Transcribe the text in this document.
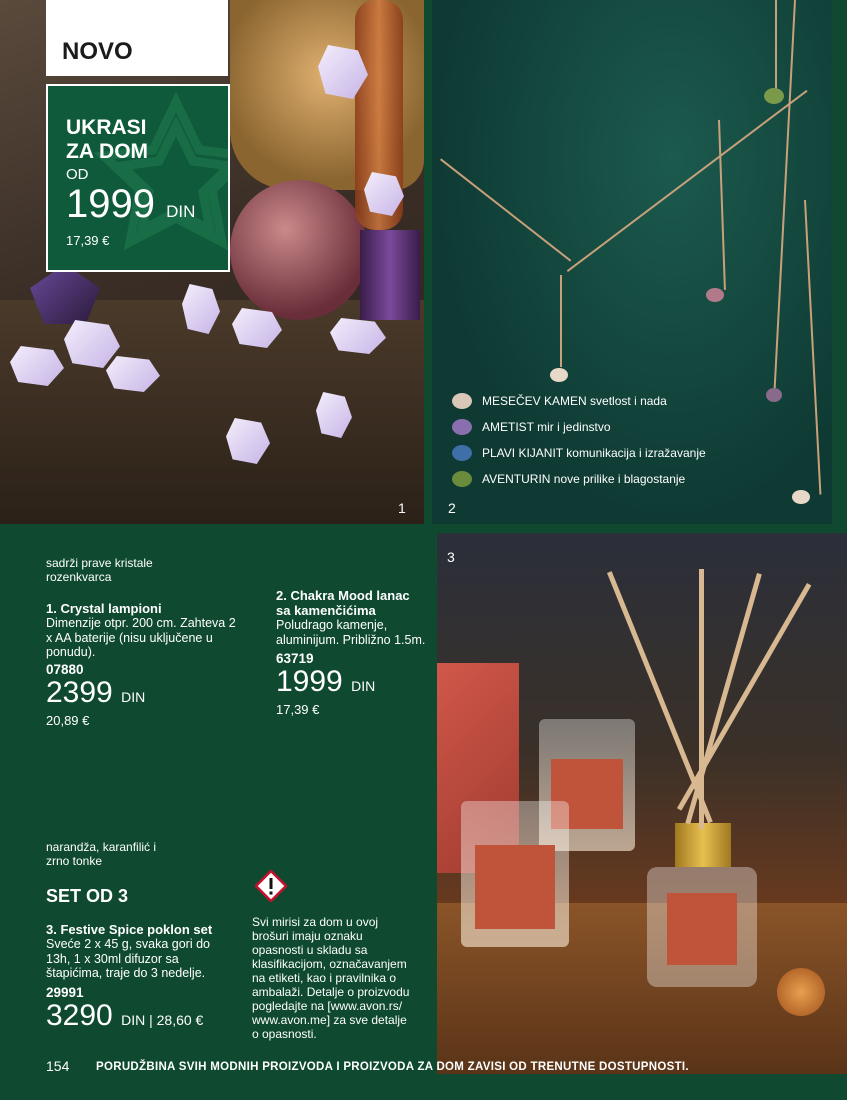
1
NOVO
UKRASI
ZA DOM
OD
1999 DIN
17,39 €
MESEČEV KAMEN svetlost i nada
AMETIST mir i jedinstvo
PLAVI KIJANIT komunikacija i izražavanje
AVENTURIN nove prilike i blagostanje
2
3
sadrži prave kristale rozenkvarca
1. Crystal lampioni
Dimenzije otpr. 200 cm. Zahteva 2 x AA baterije (nisu uključene u ponudu).
07880
2399 DIN
20,89 €
2. Chakra Mood lanac sa kamenčićima
Poludrago kamenje, aluminijum. Približno 1.5m.
63719
1999 DIN
17,39 €
narandža, karanfilić i zrno tonke
SET OD 3
3. Festive Spice poklon set
Sveće 2 x 45 g, svaka gori do 13h, 1 x 30ml difuzor sa štapićima, traje do 3 nedelje.
29991
3290 DIN | 28,60 €
Svi mirisi za dom u ovoj brošuri imaju oznaku opasnosti u skladu sa klasifikacijom, označavanjem na etiketi, kao i pravilnika o ambalaži. Detalje o proizvodu pogledajte na [www.avon.rs/ www.avon.me] za sve detalje o opasnosti.
154 PORUDŽBINA SVIH MODNIH PROIZVODA I PROIZVODA ZA DOM ZAVISI OD TRENUTNE DOSTUPNOSTI.
